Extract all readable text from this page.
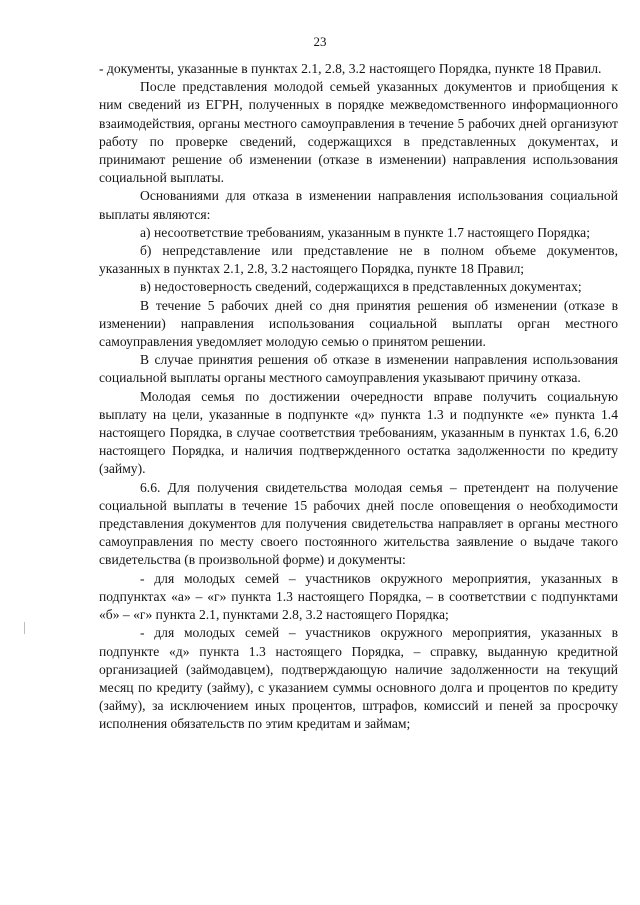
23

- документы, указанные в пунктах 2.1, 2.8, 3.2 настоящего Порядка, пункте 18 Правил.

После представления молодой семьей указанных документов и приобщения к ним сведений из ЕГРН, полученных в порядке межведомственного информационного взаимодействия, органы местного самоуправления в течение 5 рабочих дней организуют работу по проверке сведений, содержащихся в представленных документах, и принимают решение об изменении (отказе в изменении) направления использования социальной выплаты.

Основаниями для отказа в изменении направления использования социальной выплаты являются:

а) несоответствие требованиям, указанным в пункте 1.7 настоящего Порядка;

б) непредставление или представление не в полном объеме документов, указанных в пунктах 2.1, 2.8, 3.2 настоящего Порядка, пункте 18 Правил;

в) недостоверность сведений, содержащихся в представленных документах;

В течение 5 рабочих дней со дня принятия решения об изменении (отказе в изменении) направления использования социальной выплаты орган местного самоуправления уведомляет молодую семью о принятом решении.

В случае принятия решения об отказе в изменении направления использования социальной выплаты органы местного самоуправления указывают причину отказа.

Молодая семья по достижении очередности вправе получить социальную выплату на цели, указанные в подпункте «д» пункта 1.3 и подпункте «е» пункта 1.4 настоящего Порядка, в случае соответствия требованиям, указанным в пунктах 1.6, 6.20 настоящего Порядка, и наличия подтвержденного остатка задолженности по кредиту (займу).

6.6. Для получения свидетельства молодая семья – претендент на получение социальной выплаты в течение 15 рабочих дней после оповещения о необходимости представления документов для получения свидетельства направляет в органы местного самоуправления по месту своего постоянного жительства заявление о выдаче такого свидетельства (в произвольной форме) и документы:

- для молодых семей – участников окружного мероприятия, указанных в подпунктах «а» – «г» пункта 1.3 настоящего Порядка, – в соответствии с подпунктами «б» – «г» пункта 2.1, пунктами 2.8, 3.2 настоящего Порядка;

- для молодых семей – участников окружного мероприятия, указанных в подпункте «д» пункта 1.3 настоящего Порядка, – справку, выданную кредитной организацией (займодавцем), подтверждающую наличие задолженности на текущий месяц по кредиту (займу), с указанием суммы основного долга и процентов по кредиту (займу), за исключением иных процентов, штрафов, комиссий и пеней за просрочку исполнения обязательств по этим кредитам и займам;
